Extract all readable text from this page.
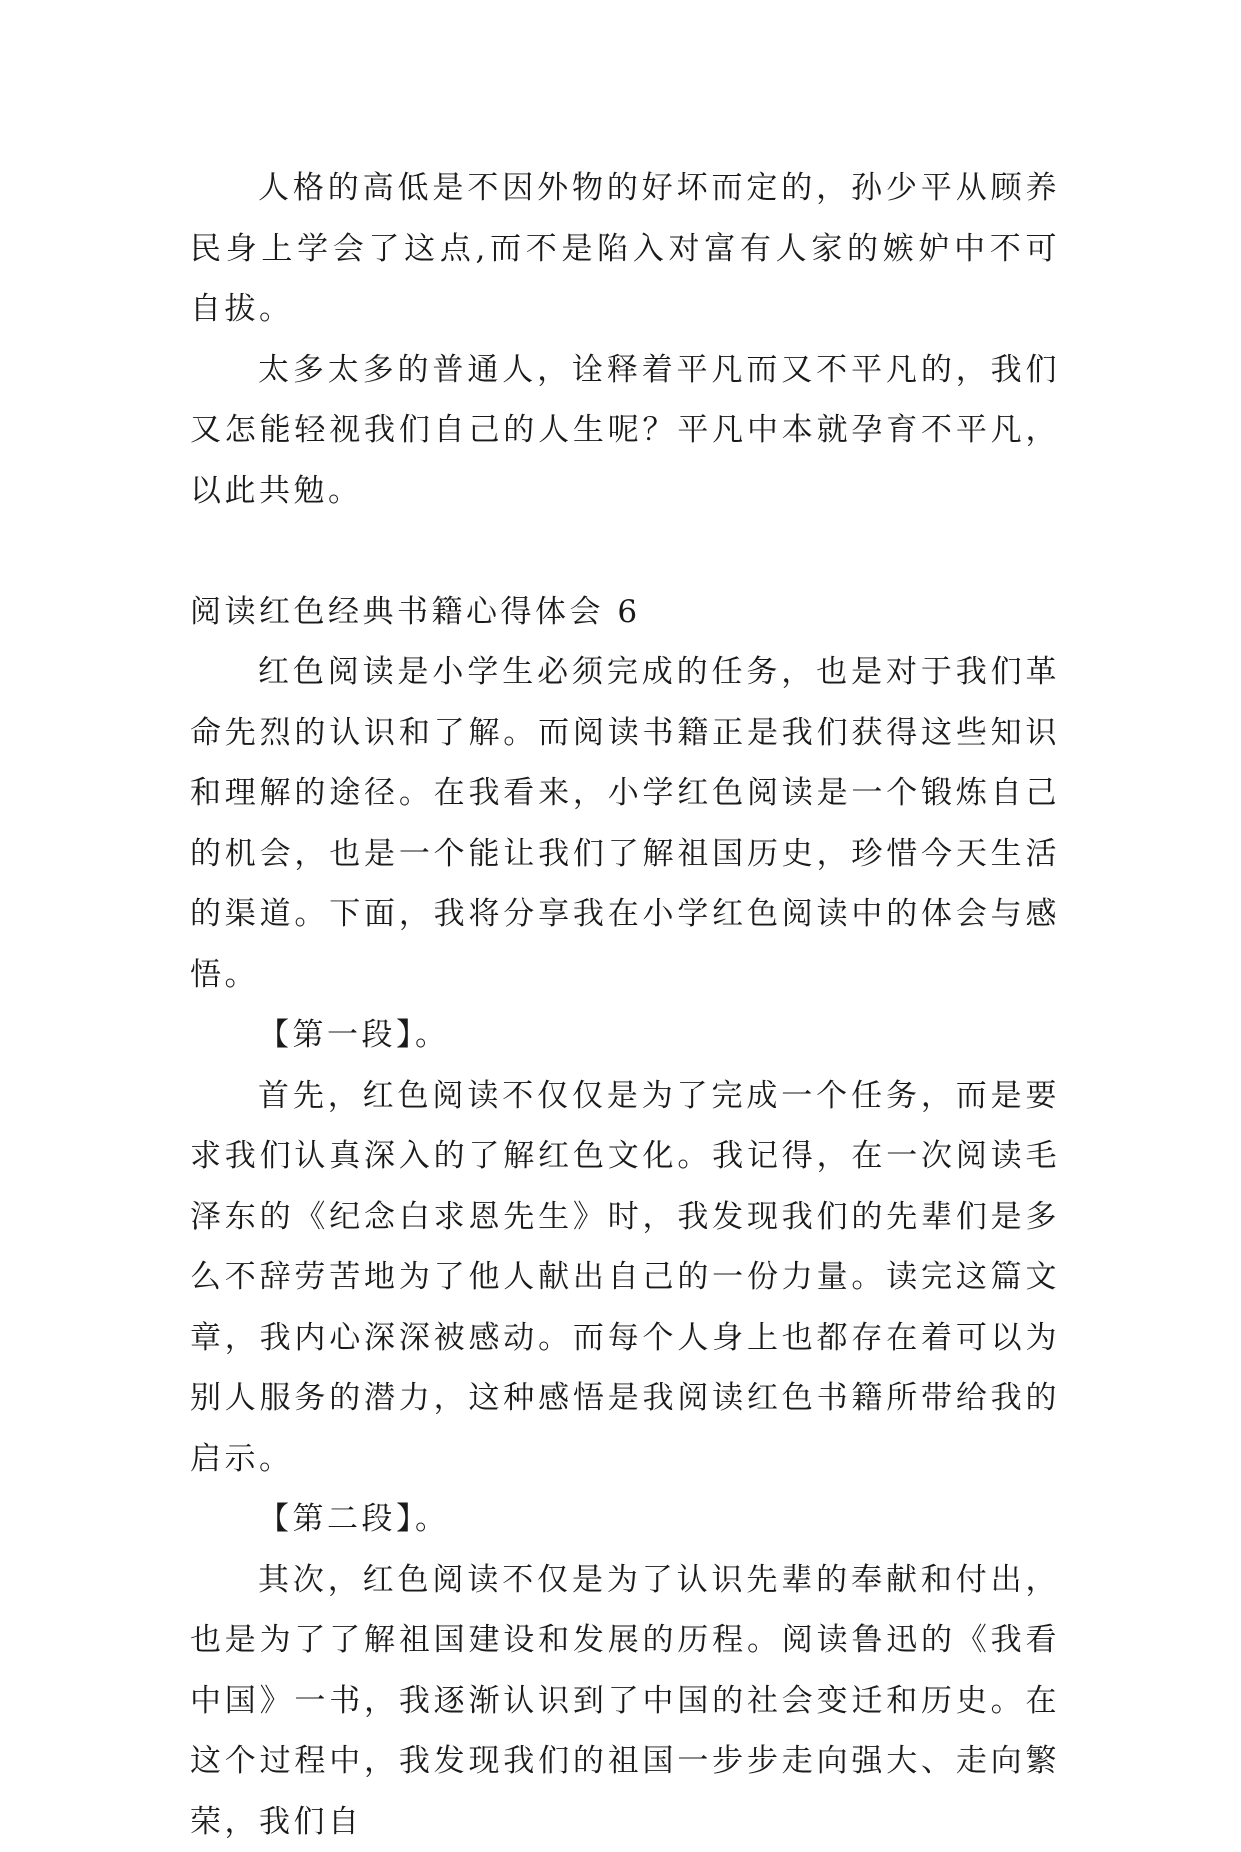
人格的高低是不因外物的好坏而定的，孙少平从顾养民身上学会了这点,而不是陷入对富有人家的嫉妒中不可自拔。

太多太多的普通人，诠释着平凡而又不平凡的，我们又怎能轻视我们自己的人生呢？平凡中本就孕育不平凡，以此共勉。

阅读红色经典书籍心得体会 6

红色阅读是小学生必须完成的任务，也是对于我们革命先烈的认识和了解。而阅读书籍正是我们获得这些知识和理解的途径。在我看来，小学红色阅读是一个锻炼自己的机会，也是一个能让我们了解祖国历史，珍惜今天生活的渠道。下面，我将分享我在小学红色阅读中的体会与感悟。

【第一段】。

首先，红色阅读不仅仅是为了完成一个任务，而是要求我们认真深入的了解红色文化。我记得，在一次阅读毛泽东的《纪念白求恩先生》时，我发现我们的先辈们是多么不辞劳苦地为了他人献出自己的一份力量。读完这篇文章，我内心深深被感动。而每个人身上也都存在着可以为别人服务的潜力，这种感悟是我阅读红色书籍所带给我的启示。

【第二段】。

其次，红色阅读不仅是为了认识先辈的奉献和付出，也是为了了解祖国建设和发展的历程。阅读鲁迅的《我看中国》一书，我逐渐认识到了中国的社会变迁和历史。在这个过程中，我发现我们的祖国一步步走向强大、走向繁荣，我们自
